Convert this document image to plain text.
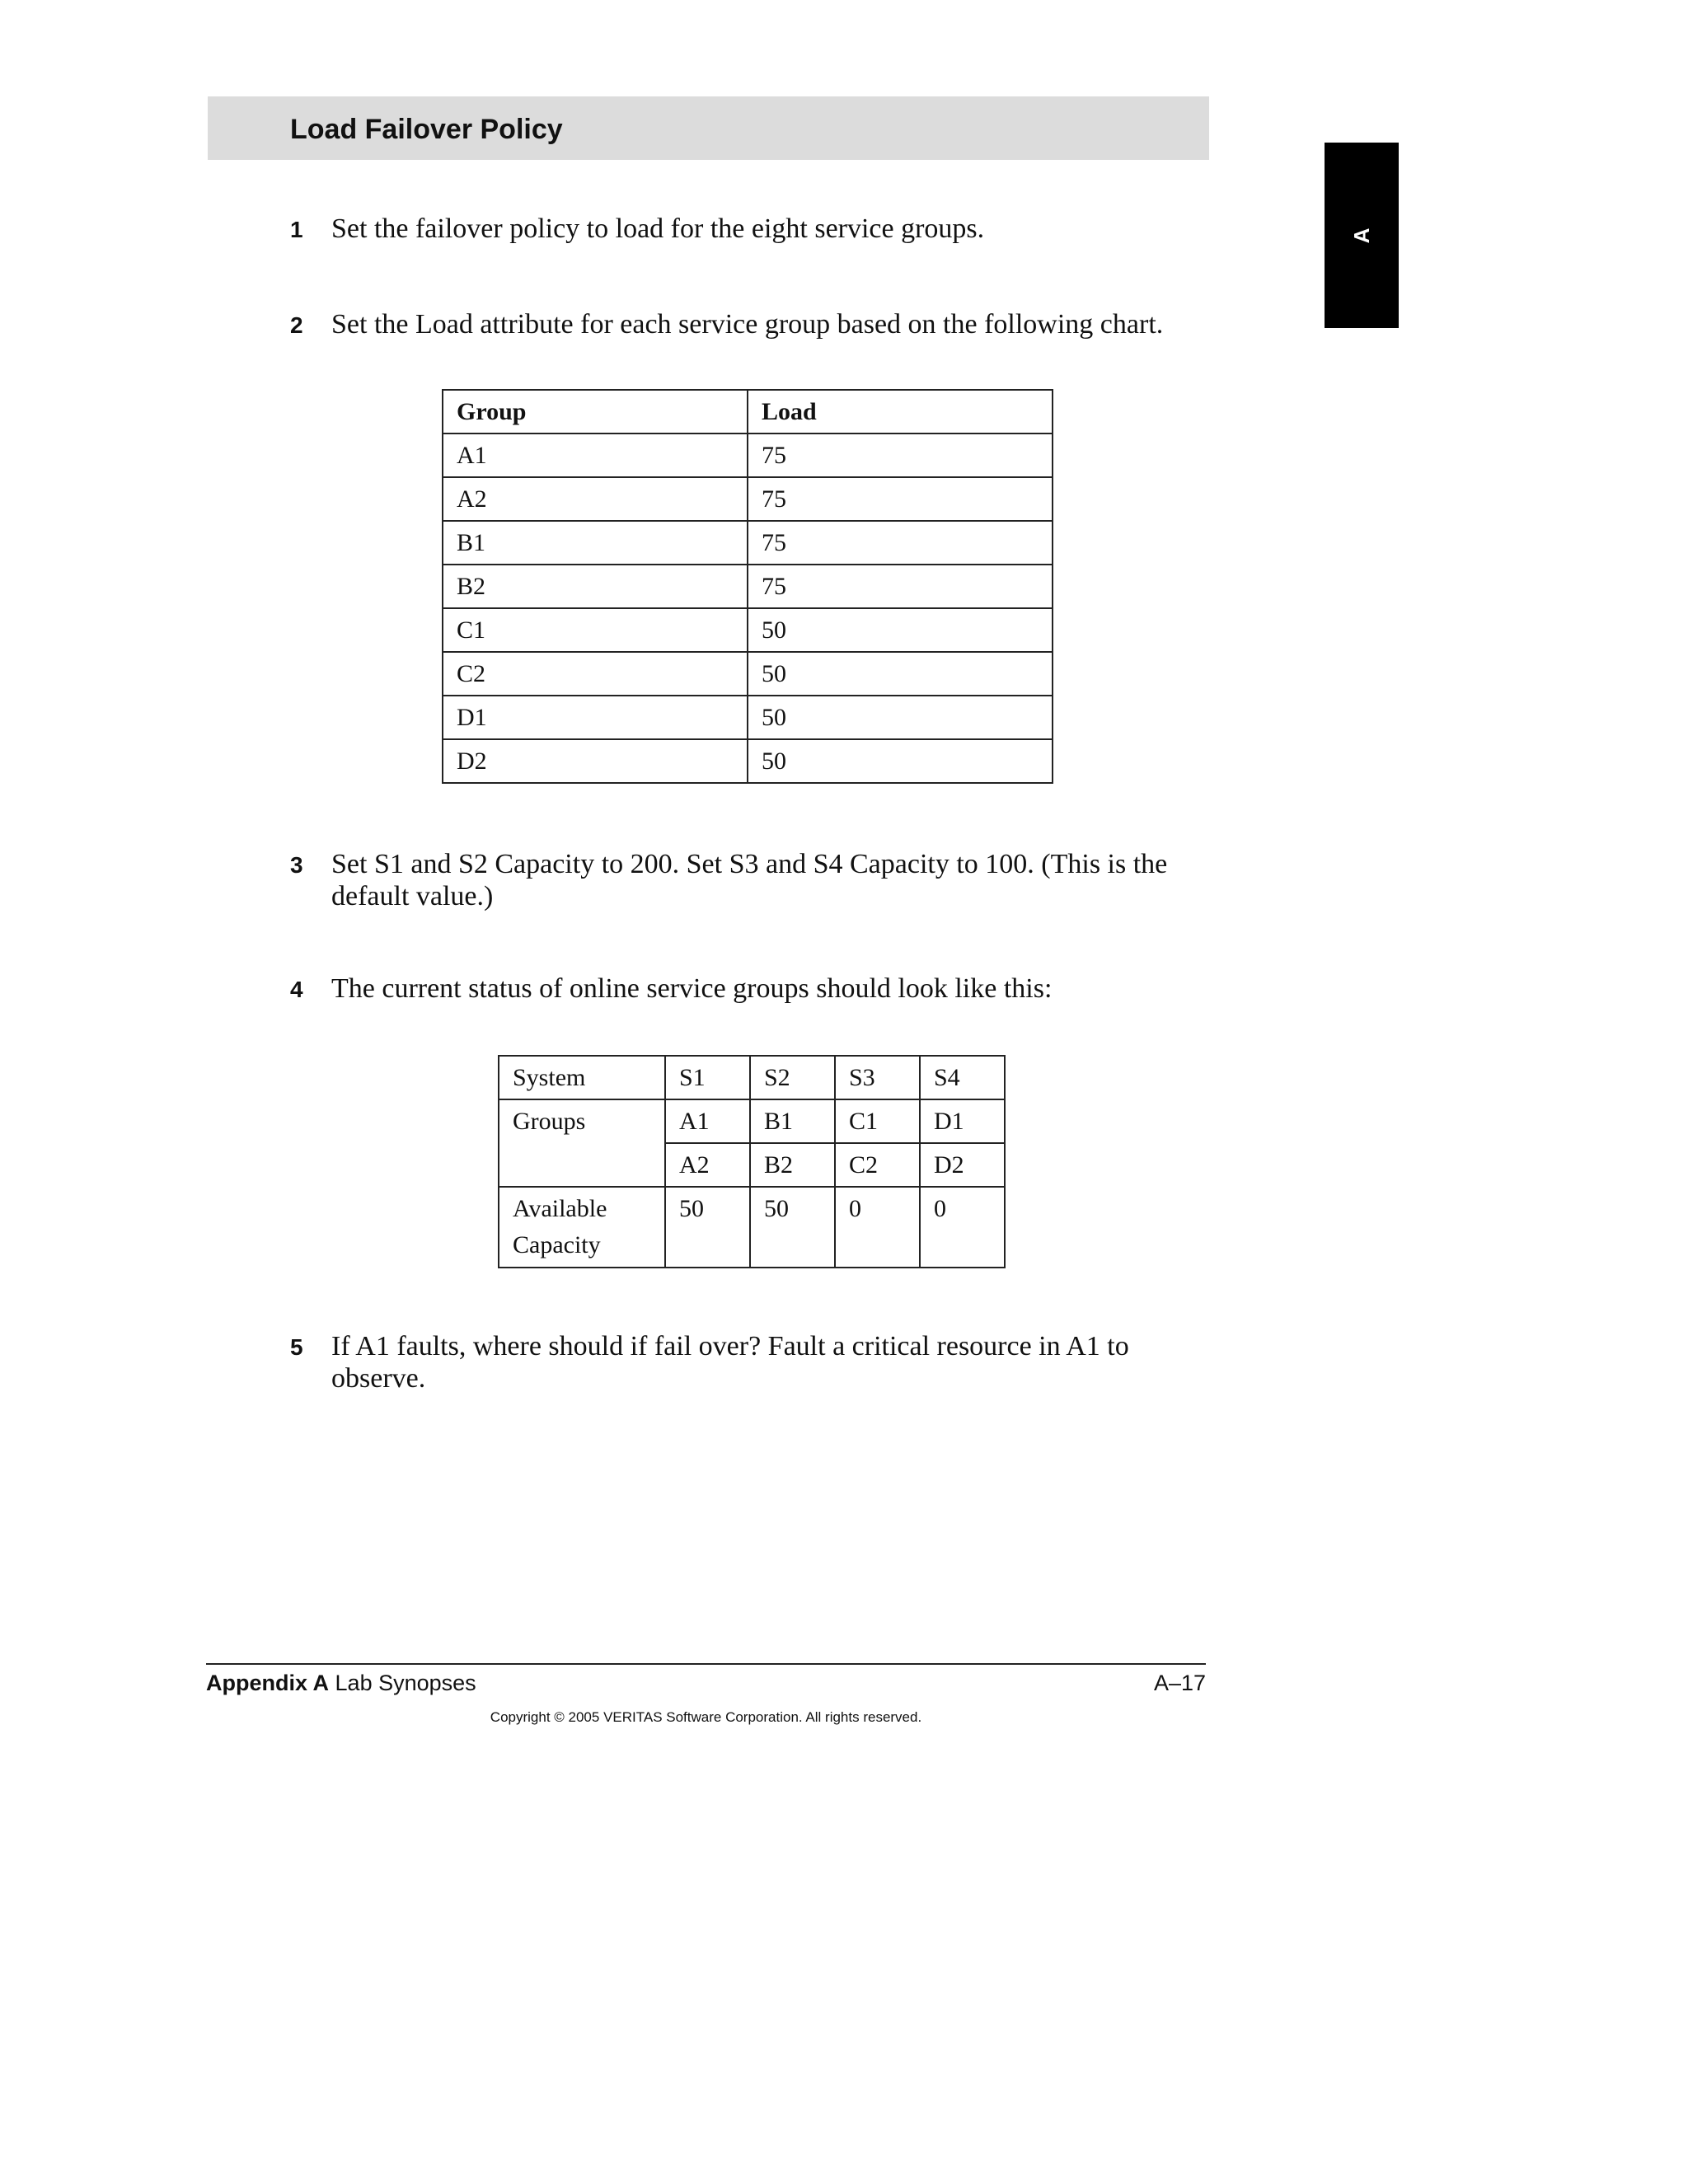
Load Failover Policy
A
1 Set the failover policy to load for the eight service groups.
2 Set the Load attribute for each service group based on the following chart.
Group	Load
A1	75
A2	75
B1	75
B2	75
C1	50
C2	50
D1	50
D2	50
3 Set S1 and S2 Capacity to 200. Set S3 and S4 Capacity to 100. (This is the default value.)
4 The current status of online service groups should look like this:
System	S1	S2	S3	S4
Groups	A1	B1	C1	D1
	A2	B2	C2	D2

Available
Capacity	50	50	0	0
5 If A1 faults, where should if fail over? Fault a critical resource in A1 to observe.
Appendix A Lab Synopses	A–17
Copyright © 2005 VERITAS Software Corporation. All rights reserved.
